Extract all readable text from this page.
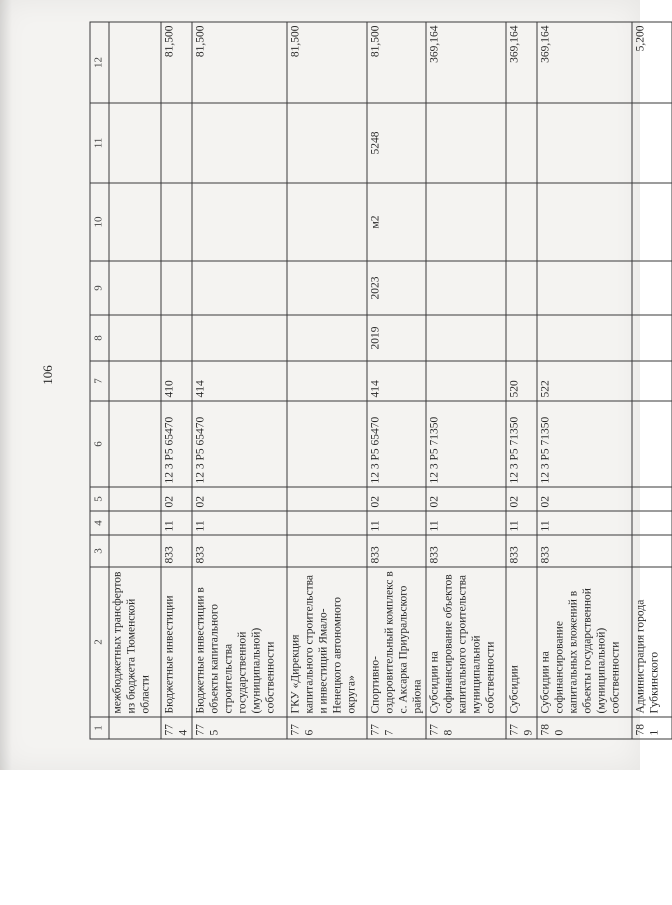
106
1	2	3	4	5	6	7	8	9	10	11	12
	межбюджетных трансфертов из бюджета Тюменской области										
774	Бюджетные инвестиции	833	11	02	12 3 P5 65470	410					81,500
775	Бюджетные инвестиции в объекты капитального строительства государственной (муниципальной) собственности	833	11	02	12 3 P5 65470	414					81,500
776	ГКУ «Дирекция капитального строительства и инвестиций Ямало-Ненецкого автономного округа»										81,500
777	Спортивно-оздоровительный комплекс в с. Аксарка Приуральского района	833	11	02	12 3 P5 65470	414	2019	2023	м2	5248	81,500
778	Субсидии на софинансирование объектов капитального строительства муниципальной собственности	833	11	02	12 3 P5 71350						369,164
779	Субсидии	833	11	02	12 3 P5 71350	520					369,164
780	Субсидии на софинансирование капитальных вложений в объекты государственной (муниципальной) собственности	833	11	02	12 3 P5 71350	522					369,164
781	Администрация города Губкинского										5,200
